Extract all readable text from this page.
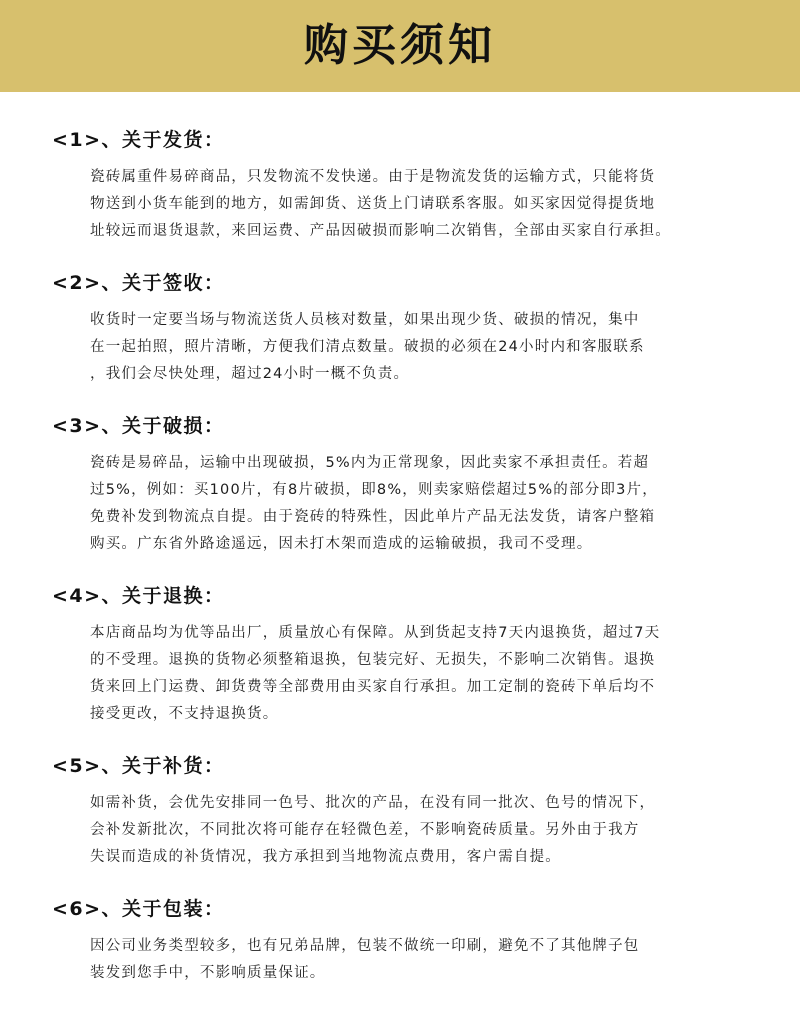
购买须知
<1>、关于发货：
瓷砖属重件易碎商品，只发物流不发快递。由于是物流发货的运输方式，只能将货
物送到小货车能到的地方，如需卸货、送货上门请联系客服。如买家因觉得提货地
址较远而退货退款，来回运费、产品因破损而影响二次销售，全部由买家自行承担。
<2>、关于签收：
收货时一定要当场与物流送货人员核对数量，如果出现少货、破损的情况，集中
在一起拍照，照片清晰，方便我们清点数量。破损的必须在24小时内和客服联系
，我们会尽快处理，超过24小时一概不负责。
<3>、关于破损：
瓷砖是易碎品，运输中出现破损，5%内为正常现象，因此卖家不承担责任。若超
过5%，例如：买100片，有8片破损，即8%，则卖家赔偿超过5%的部分即3片，
免费补发到物流点自提。由于瓷砖的特殊性，因此单片产品无法发货，请客户整箱
购买。广东省外路途遥远，因未打木架而造成的运输破损，我司不受理。
<4>、关于退换：
本店商品均为优等品出厂，质量放心有保障。从到货起支持7天内退换货，超过7天
的不受理。退换的货物必须整箱退换，包装完好、无损失，不影响二次销售。退换
货来回上门运费、卸货费等全部费用由买家自行承担。加工定制的瓷砖下单后均不
接受更改，不支持退换货。
<5>、关于补货：
如需补货，会优先安排同一色号、批次的产品，在没有同一批次、色号的情况下，
会补发新批次，不同批次将可能存在轻微色差，不影响瓷砖质量。另外由于我方
失误而造成的补货情况，我方承担到当地物流点费用，客户需自提。
<6>、关于包装：
因公司业务类型较多，也有兄弟品牌，包装不做统一印刷，避免不了其他牌子包
装发到您手中，不影响质量保证。
